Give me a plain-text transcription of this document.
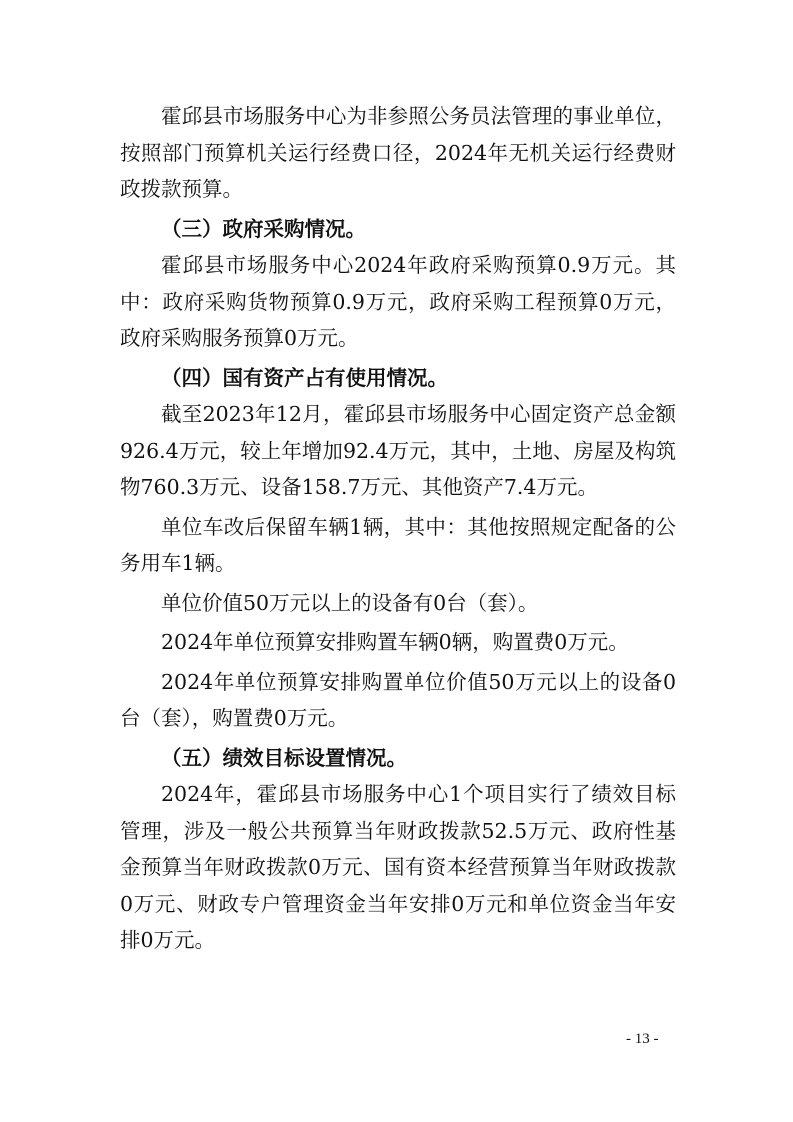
霍邱县市场服务中心为非参照公务员法管理的事业单位，按照部门预算机关运行经费口径，2024年无机关运行经费财政拨款预算。

（三）政府采购情况。

霍邱县市场服务中心2024年政府采购预算0.9万元。其中：政府采购货物预算0.9万元，政府采购工程预算0万元，政府采购服务预算0万元。

（四）国有资产占有使用情况。

截至2023年12月，霍邱县市场服务中心固定资产总金额926.4万元，较上年增加92.4万元，其中，土地、房屋及构筑物760.3万元、设备158.7万元、其他资产7.4万元。

单位车改后保留车辆1辆，其中：其他按照规定配备的公务用车1辆。

单位价值50万元以上的设备有0台（套）。

2024年单位预算安排购置车辆0辆，购置费0万元。

2024年单位预算安排购置单位价值50万元以上的设备0台（套），购置费0万元。

（五）绩效目标设置情况。

2024年，霍邱县市场服务中心1个项目实行了绩效目标管理，涉及一般公共预算当年财政拨款52.5万元、政府性基金预算当年财政拨款0万元、国有资本经营预算当年财政拨款0万元、财政专户管理资金当年安排0万元和单位资金当年安排0万元。

- 13 -
